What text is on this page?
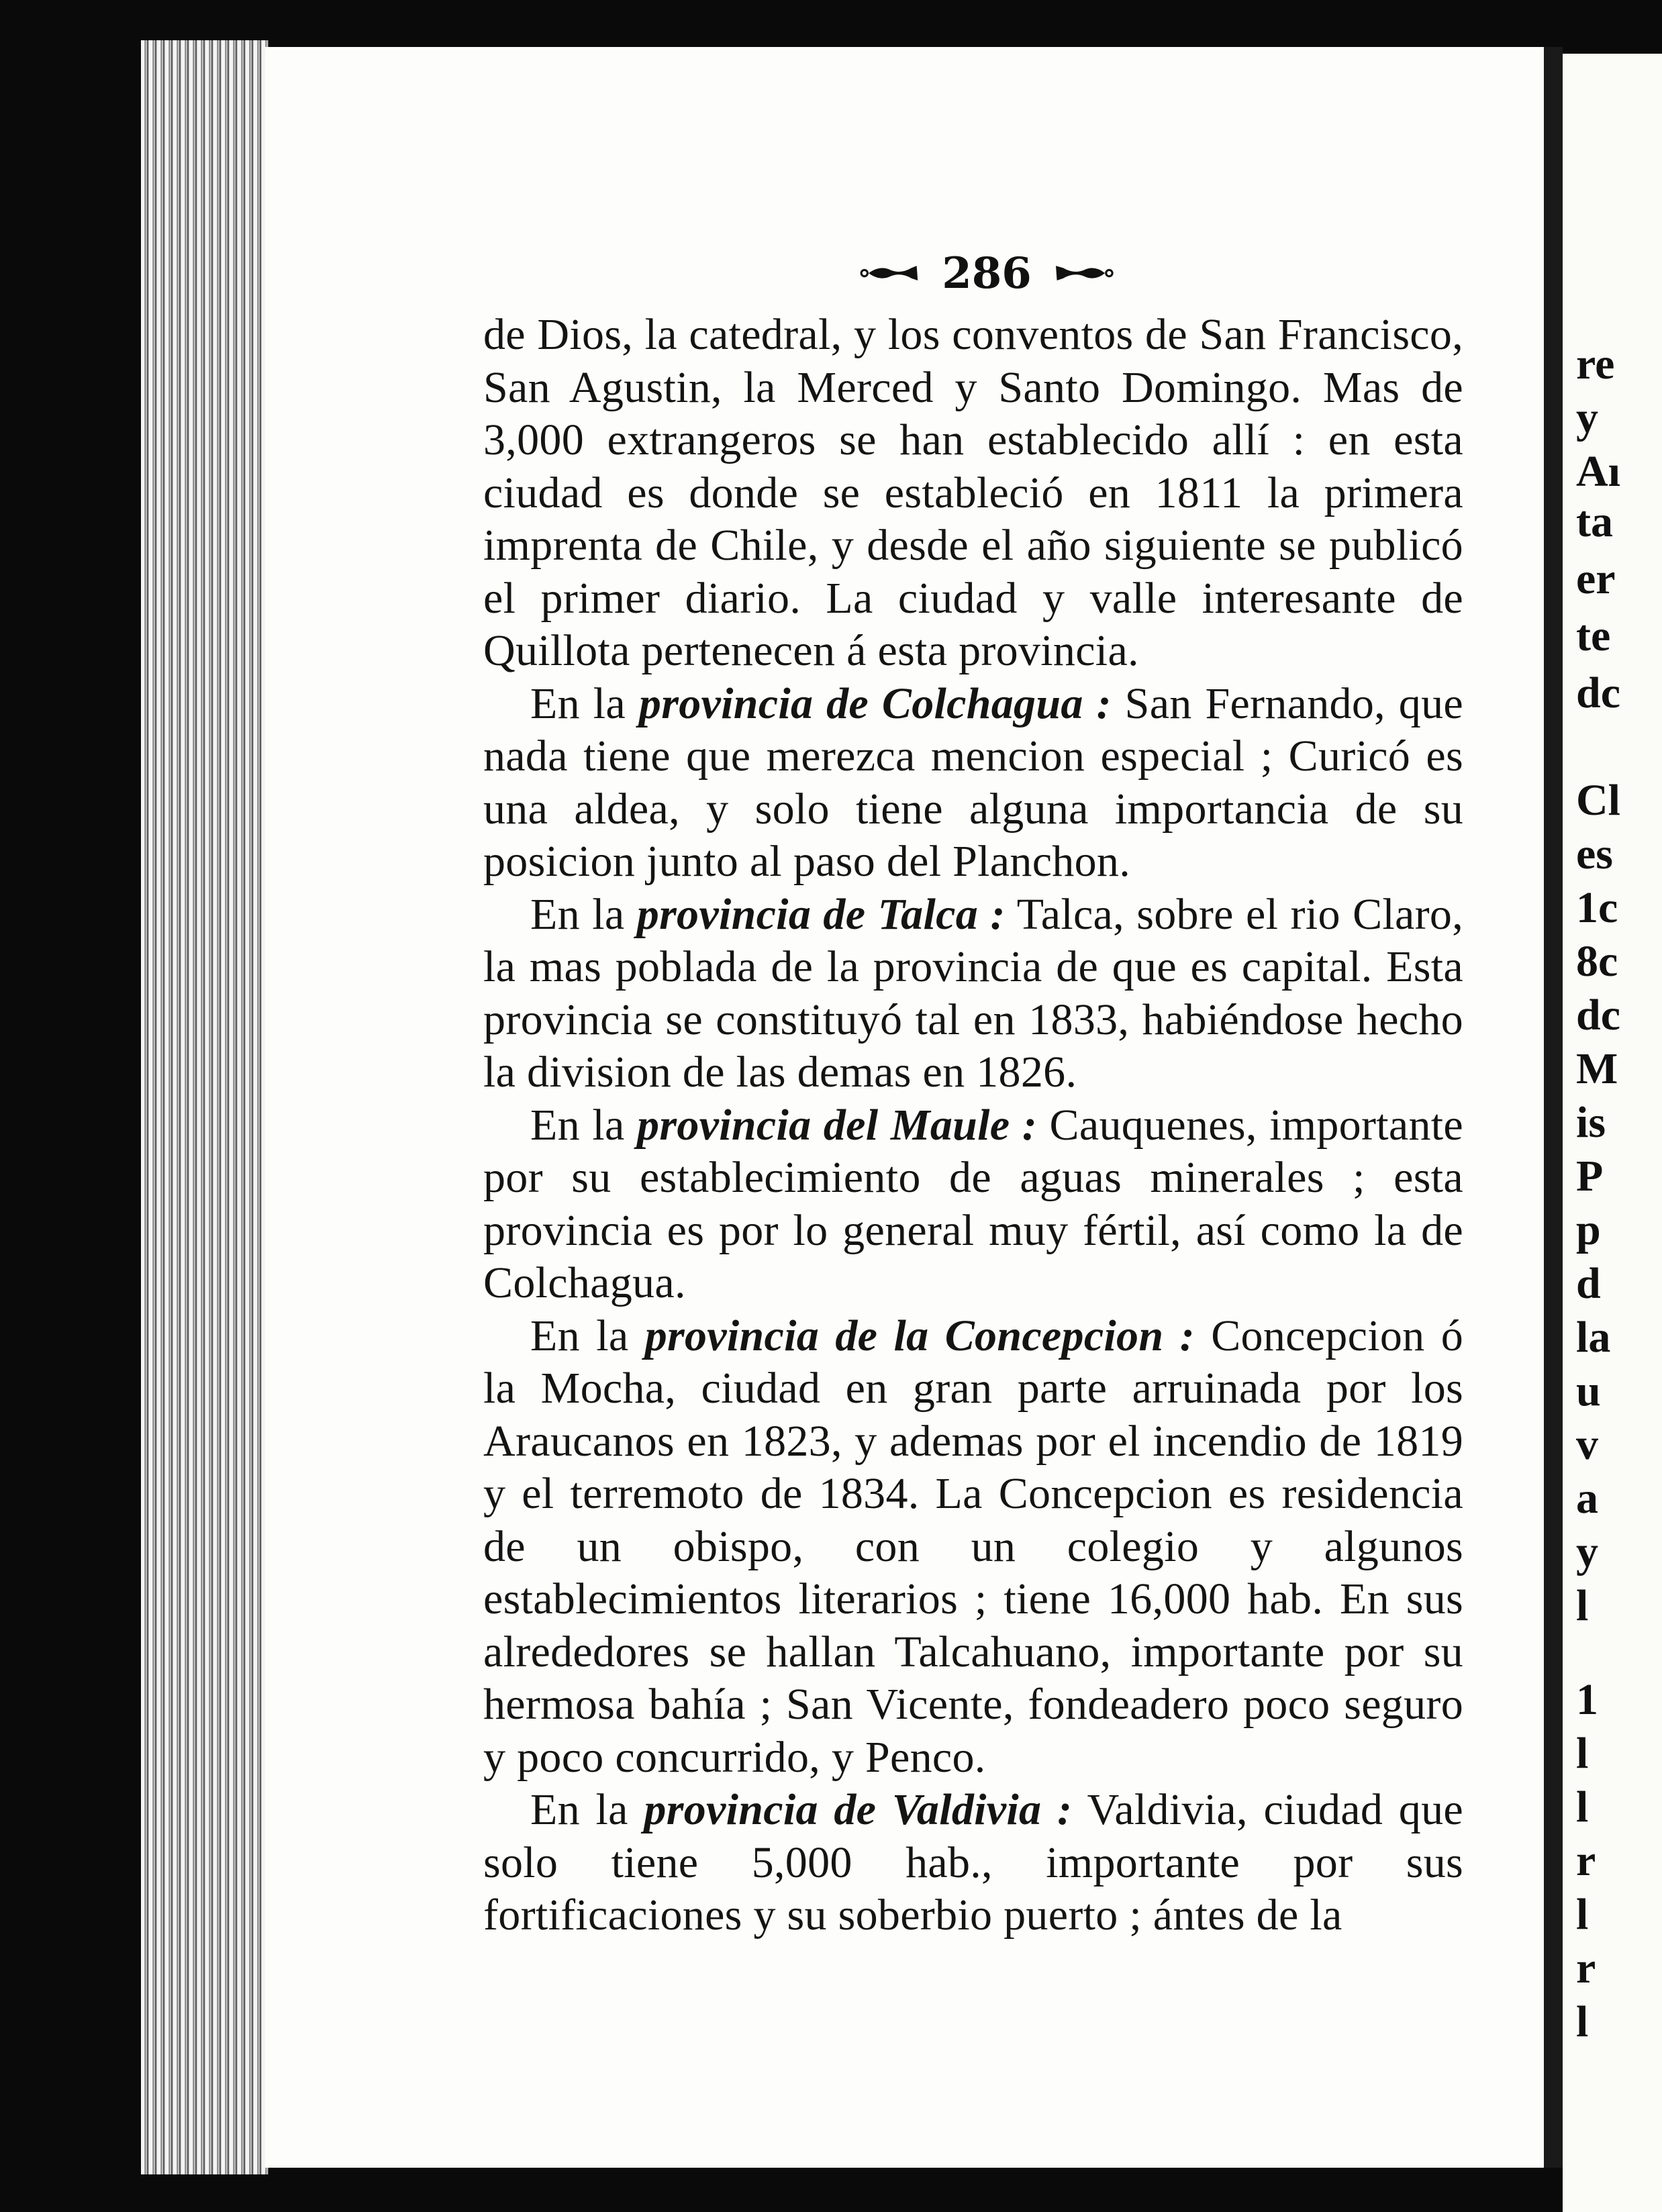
re
y
Aı
ta
er
te
dc
Cl
es
1c
8c
dc
M
is
P
p
d
la
u
v
a
y
l
1
l
l
r
l
r
l
286

de Dios, la catedral, y los conventos de San Francisco, San Agustin, la Merced y Santo Domingo. Mas de 3,000 extrangeros se han establecido allí : en esta ciudad es donde se estableció en 1811 la primera imprenta de Chile, y desde el año siguiente se publicó el primer diario. La ciudad y valle interesante de Quillota pertenecen á esta provincia.

En la provincia de Colchagua : San Fernando, que nada tiene que merezca mencion especial ; Curicó es una aldea, y solo tiene alguna importancia de su posicion junto al paso del Planchon.

En la provincia de Talca : Talca, sobre el rio Claro, la mas poblada de la provincia de que es capital. Esta provincia se constituyó tal en 1833, habiéndose hecho la division de las demas en 1826.

En la provincia del Maule : Cauquenes, importante por su establecimiento de aguas minerales ; esta provincia es por lo general muy fértil, así como la de Colchagua.

En la provincia de la Concepcion : Concepcion ó la Mocha, ciudad en gran parte arruinada por los Araucanos en 1823, y ademas por el incendio de 1819 y el terremoto de 1834. La Concepcion es residencia de un obispo, con un colegio y algunos establecimientos literarios ; tiene 16,000 hab. En sus alrededores se hallan Talcahuano, importante por su hermosa bahía ; San Vicente, fondeadero poco seguro y poco concurrido, y Penco.

En la provincia de Valdivia : Valdivia, ciudad que solo tiene 5,000 hab., importante por sus fortificaciones y su soberbio puerto ; ántes de la
